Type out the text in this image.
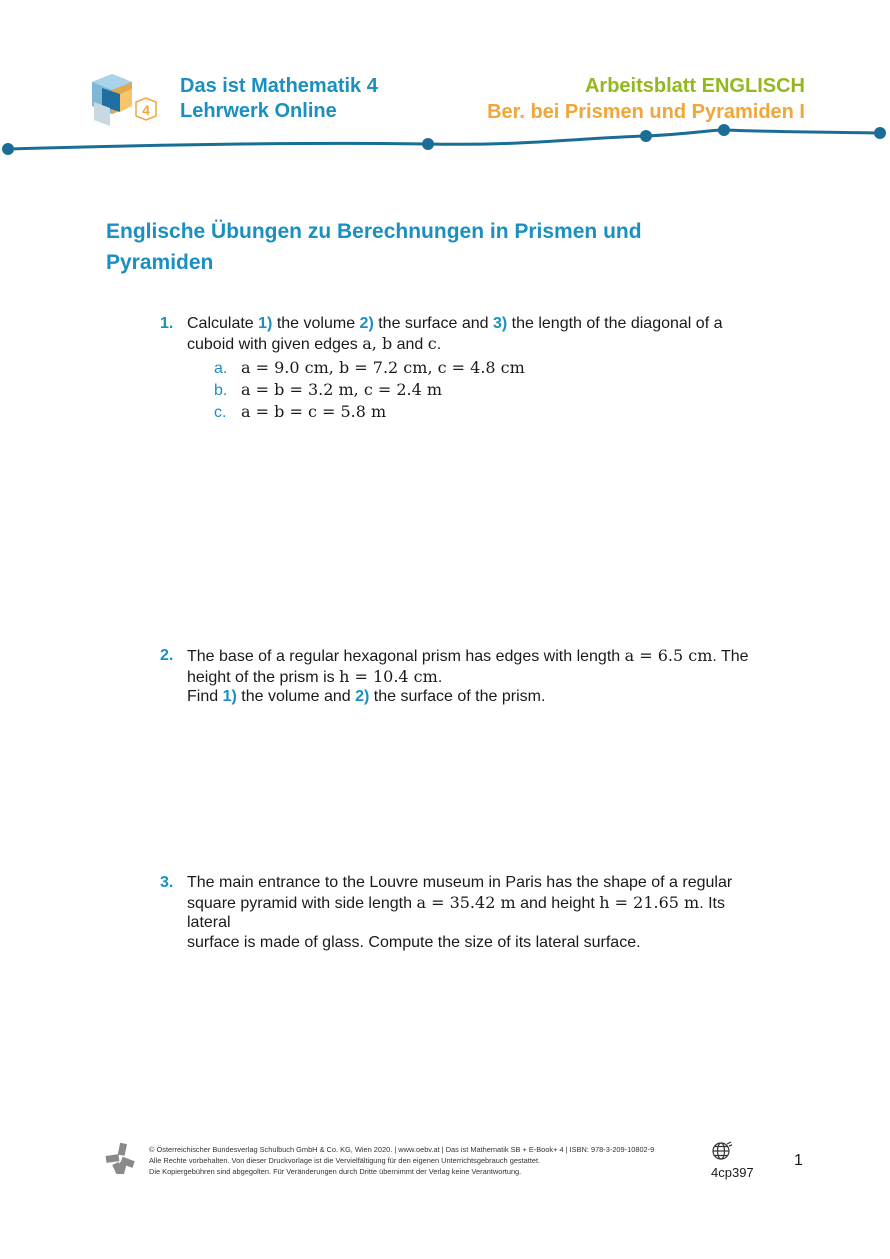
4
Das ist Mathematik 4
Lehrwerk Online
Arbeitsblatt ENGLISCH
Ber. bei Prismen und Pyramiden I
Englische Übungen zu Berechnungen in Prismen und
Pyramiden
1. Calculate 1) the volume 2) the surface and 3) the length of the diagonal of a
cuboid with given edges a, b and c.
a. a = 9.0 cm, b = 7.2 cm, c = 4.8 cm
b. a = b = 3.2 m, c = 2.4 m
c. a = b = c = 5.8 m
2. The base of a regular hexagonal prism has edges with length a = 6.5 cm. The
height of the prism is h = 10.4 cm.
Find 1) the volume and 2) the surface of the prism.
3. The main entrance to the Louvre museum in Paris has the shape of a regular
square pyramid with side length a = 35.42 m and height h = 21.65 m. Its lateral
surface is made of glass. Compute the size of its lateral surface.
© Österreichischer Bundesverlag Schulbuch GmbH & Co. KG, Wien 2020. | www.oebv.at | Das ist Mathematik SB + E-Book+ 4 | ISBN: 978-3-209-10802-9
Alle Rechte vorbehalten. Von dieser Druckvorlage ist die Vervielfältigung für den eigenen Unterrichtsgebrauch gestattet.
Die Kopiergebühren sind abgegolten. Für Veränderungen durch Dritte übernimmt der Verlag keine Verantwortung.	4cp397
1
